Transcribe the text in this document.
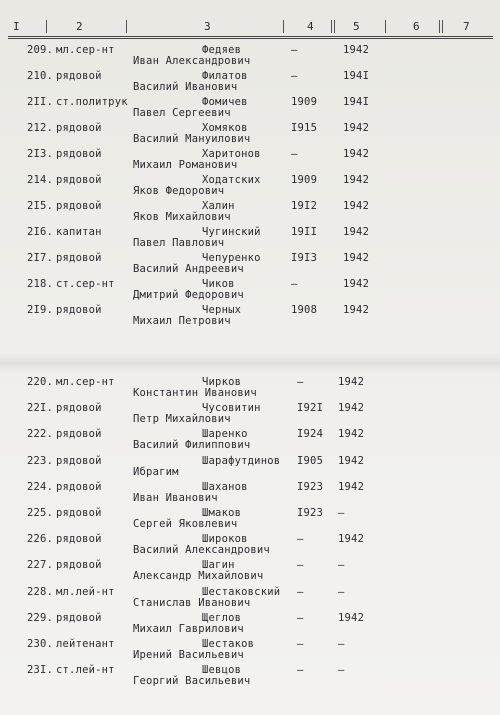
I	2	3	4	5	6	7
209. мл.сер-нт	Федяев
Иван Александрович
–	1942
210. рядовой	Филатов
Василий Иванович
–	194I
2II. ст.политрук	Фомичев
Павел Сергеевич
1909 194I
212. рядовой	Хомяков
Василий Мануилович
I915 1942
2I3. рядовой	Харитонов
Михаил Романович
–	1942
214. рядовой	Ходатских
Яков Федорович
1909 1942
2I5. рядовой	Халин
Яков Михайлович
19I2 1942
2I6. капитан	Чугинский
Павел Павлович
19II 1942
2I7. рядовой	Чепуренко
Василий Андреевич
I9I3 1942
218. ст.сер-нт	Чиков
Дмитрий Федорович
–	1942
2I9. рядовой	Черных
Михаил Петрович
1908 1942
220. мл.сер-нт	Чирков
Константин Иванович
–	1942
22I. рядовой	Чусовитин
Петр Михайлович
I92I 1942
222. рядовой	Шаренко
Василий Филиппович
I924 1942
223. рядовой	Шарафутдинов
Ибрагим
I905 1942
224. рядовой	Шаханов
Иван Иванович
I923 1942
225. рядовой	Шмаков
Сергей Яковлевич
I923 –
226. рядовой	Широков
Василий Александрович
–	1942
227. рядовой	Шагин
Александр Михайлович
–	–
228. мл.лей-нт	Шестаковский
Станислав Иванович
–	–
229. рядовой	Щеглов
Михаил Гаврилович
–	1942
230. лейтенант	Шестаков
Ирений Васильевич
–	–
23I. ст.лей-нт	Шевцов
Георгий Васильевич
–	–
